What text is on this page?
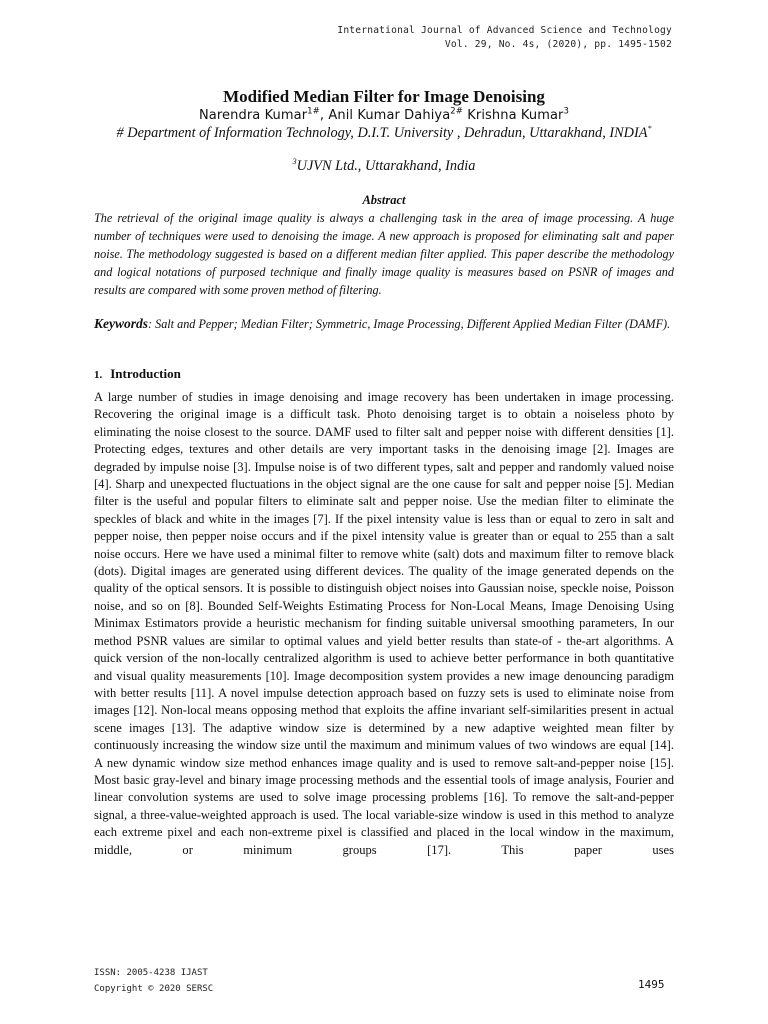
International Journal of Advanced Science and Technology
Vol. 29, No. 4s, (2020), pp. 1495-1502
Modified Median Filter for Image Denoising
Narendra Kumar$^{1\#}$, Anil Kumar Dahiya$^{2\#}$ Krishna Kumar$^3$
# Department of Information Technology, D.I.T. University , Dehradun, Uttarakhand, INDIA*
$^3$UJVN Ltd., Uttarakhand, India
Abstract
The retrieval of the original image quality is always a challenging task in the area of image processing. A huge number of techniques were used to denoising the image. A new approach is proposed for eliminating salt and paper noise. The methodology suggested is based on a different median filter applied. This paper describe the methodology and logical notations of purposed technique and finally image quality is measures based on PSNR of images and results are compared with some proven method of filtering.
Keywords: Salt and Pepper; Median Filter; Symmetric, Image Processing, Different Applied Median Filter (DAMF).
1. Introduction
A large number of studies in image denoising and image recovery has been undertaken in image processing. Recovering the original image is a difficult task. Photo denoising target is to obtain a noiseless photo by eliminating the noise closest to the source. DAMF used to filter salt and pepper noise with different densities [1]. Protecting edges, textures and other details are very important tasks in the denoising image [2]. Images are degraded by impulse noise [3]. Impulse noise is of two different types, salt and pepper and randomly valued noise [4]. Sharp and unexpected fluctuations in the object signal are the one cause for salt and pepper noise [5]. Median filter is the useful and popular filters to eliminate salt and pepper noise. Use the median filter to eliminate the speckles of black and white in the images [7]. If the pixel intensity value is less than or equal to zero in salt and pepper noise, then pepper noise occurs and if the pixel intensity value is greater than or equal to 255 than a salt noise occurs. Here we have used a minimal filter to remove white (salt) dots and maximum filter to remove black (dots). Digital images are generated using different devices. The quality of the image generated depends on the quality of the optical sensors. It is possible to distinguish object noises into Gaussian noise, speckle noise, Poisson noise, and so on [8]. Bounded Self-Weights Estimating Process for Non-Local Means, Image Denoising Using Minimax Estimators provide a heuristic mechanism for finding suitable universal smoothing parameters, In our method PSNR values are similar to optimal values and yield better results than state-of - the-art algorithms. A quick version of the non-locally centralized algorithm is used to achieve better performance in both quantitative and visual quality measurements [10]. Image decomposition system provides a new image denouncing paradigm with better results [11]. A novel impulse detection approach based on fuzzy sets is used to eliminate noise from images [12]. Non-local means opposing method that exploits the affine invariant self-similarities present in actual scene images [13]. The adaptive window size is determined by a new adaptive weighted mean filter by continuously increasing the window size until the maximum and minimum values of two windows are equal [14]. A new dynamic window size method enhances image quality and is used to remove salt-and-pepper noise [15]. Most basic gray-level and binary image processing methods and the essential tools of image analysis, Fourier and linear convolution systems are used to solve image processing problems [16]. To remove the salt-and-pepper signal, a three-value-weighted approach is used. The local variable-size window is used in this method to analyze each extreme pixel and each non-extreme pixel is classified and placed in the local window in the maximum, middle, or minimum groups [17]. This paper uses
ISSN: 2005-4238 IJAST
Copyright © 2020 SERSC	1495
